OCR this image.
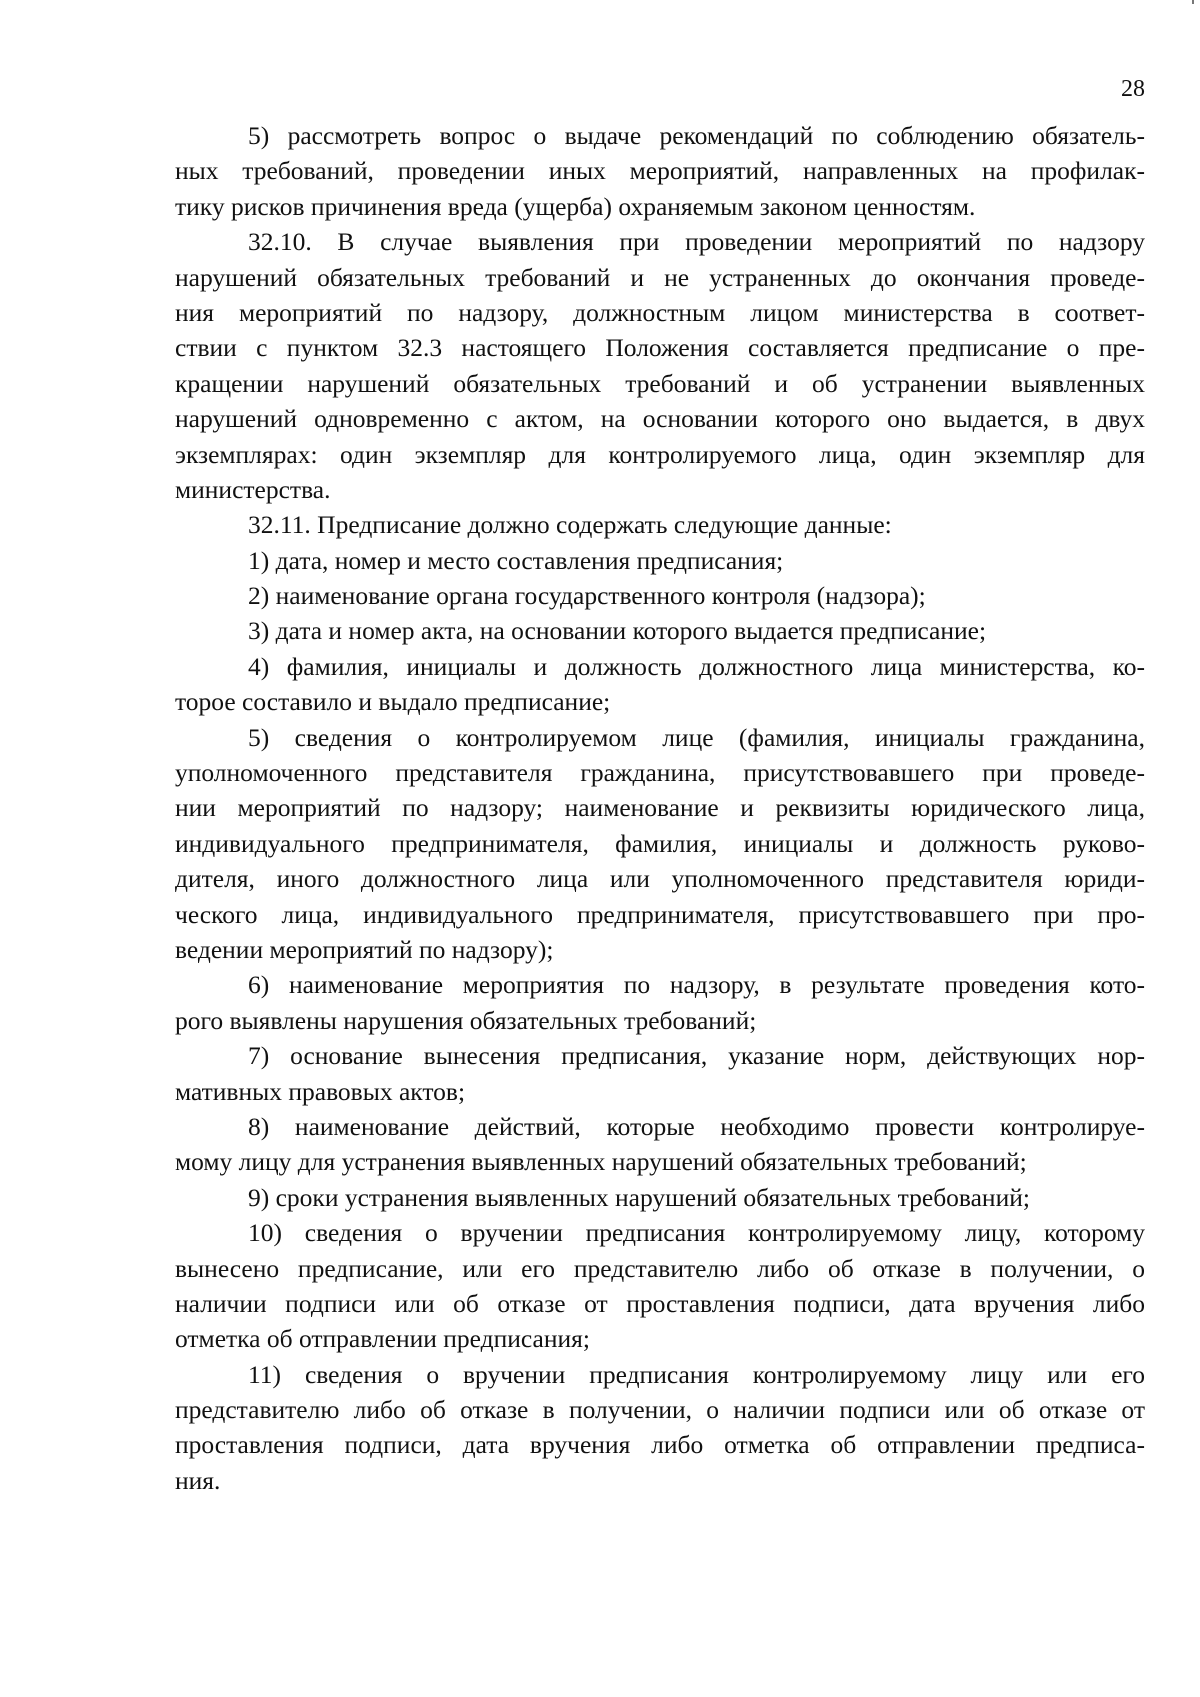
28
5) рассмотреть вопрос о выдаче рекомендаций по соблюдению обязатель-
ных требований, проведении иных мероприятий, направленных на профилак-
тику рисков причинения вреда (ущерба) охраняемым законом ценностям.
32.10. В случае выявления при проведении мероприятий по надзору
нарушений обязательных требований и не устраненных до окончания проведе-
ния мероприятий по надзору, должностным лицом министерства в соответ-
ствии с пунктом 32.3 настоящего Положения составляется предписание о пре-
кращении нарушений обязательных требований и об устранении выявленных
нарушений одновременно с актом, на основании которого оно выдается, в двух
экземплярах: один экземпляр для контролируемого лица, один экземпляр для
министерства.
32.11. Предписание должно содержать следующие данные:
1) дата, номер и место составления предписания;
2) наименование органа государственного контроля (надзора);
3) дата и номер акта, на основании которого выдается предписание;
4) фамилия, инициалы и должность должностного лица министерства, ко-
торое составило и выдало предписание;
5) сведения о контролируемом лице (фамилия, инициалы гражданина,
уполномоченного представителя гражданина, присутствовавшего при проведе-
нии мероприятий по надзору; наименование и реквизиты юридического лица,
индивидуального предпринимателя, фамилия, инициалы и должность руково-
дителя, иного должностного лица или уполномоченного представителя юриди-
ческого лица, индивидуального предпринимателя, присутствовавшего при про-
ведении мероприятий по надзору);
6) наименование мероприятия по надзору, в результате проведения кото-
рого выявлены нарушения обязательных требований;
7) основание вынесения предписания, указание норм, действующих нор-
мативных правовых актов;
8) наименование действий, которые необходимо провести контролируе-
мому лицу для устранения выявленных нарушений обязательных требований;
9) сроки устранения выявленных нарушений обязательных требований;
10) сведения о вручении предписания контролируемому лицу, которому
вынесено предписание, или его представителю либо об отказе в получении, о
наличии подписи или об отказе от проставления подписи, дата вручения либо
отметка об отправлении предписания;
11) сведения о вручении предписания контролируемому лицу или его
представителю либо об отказе в получении, о наличии подписи или об отказе от
проставления подписи, дата вручения либо отметка об отправлении предписа-
ния.
